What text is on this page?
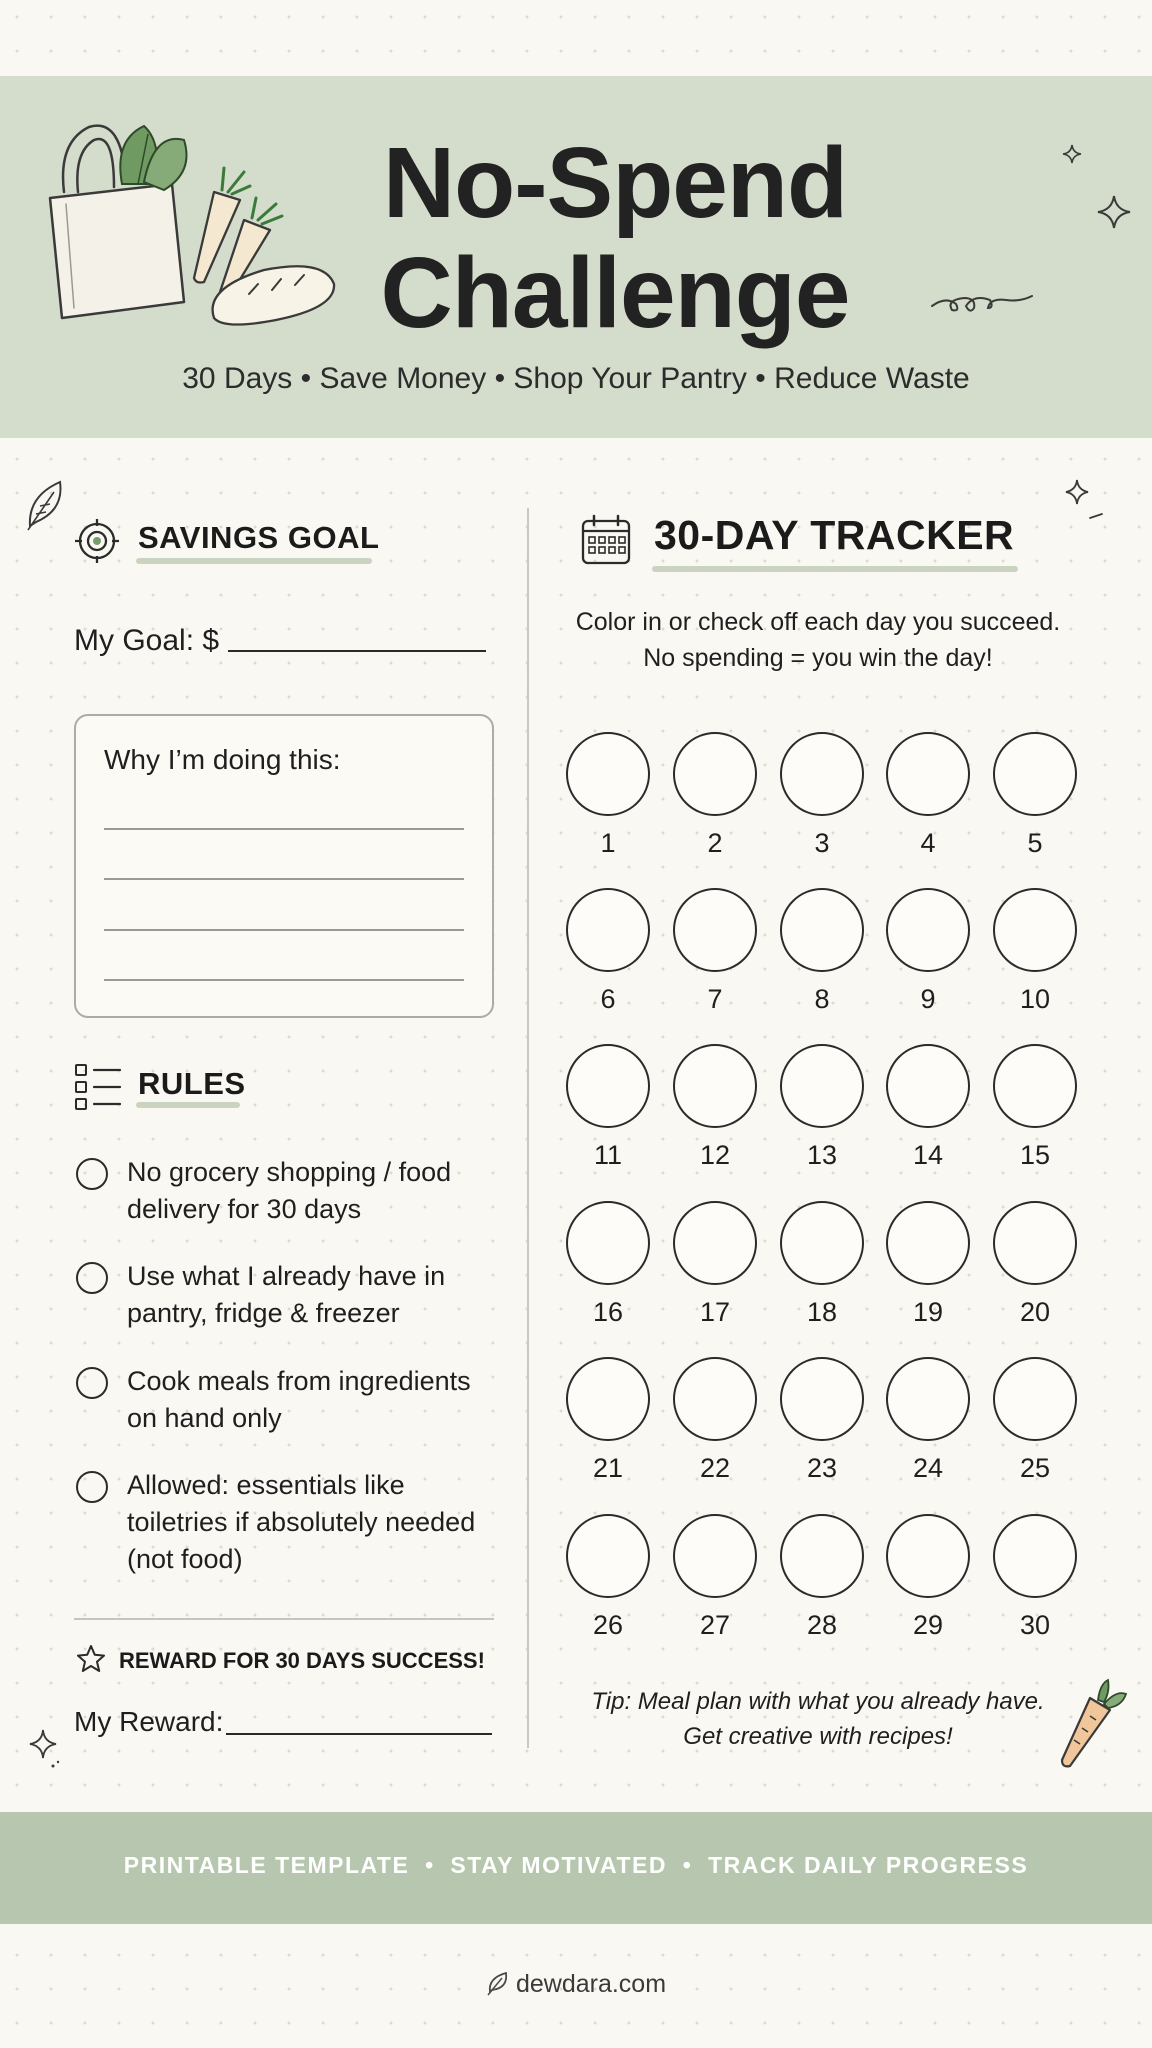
No-Spend
Challenge
30 Days • Save Money • Shop Your Pantry • Reduce Waste
SAVINGS GOAL
My Goal: $
Why I’m doing this:
RULES
No grocery shopping / food
delivery for 30 days
Use what I already have in
pantry, fridge & freezer
Cook meals from ingredients
on hand only
Allowed: essentials like
toiletries if absolutely needed
(not food)
REWARD FOR 30 DAYS SUCCESS!
My Reward:
30-DAY TRACKER
Color in or check off each day you succeed.
No spending = you win the day!
1	2	3	4	5
6	7	8	9	10
11	12	13	14	15
16	17	18	19	20
21	22	23	24	25
26	27	28	29	30
Tip: Meal plan with what you already have.
Get creative with recipes!
PRINTABLE TEMPLATE  •  STAY MOTIVATED  •  TRACK DAILY PROGRESS
dewdara.com
